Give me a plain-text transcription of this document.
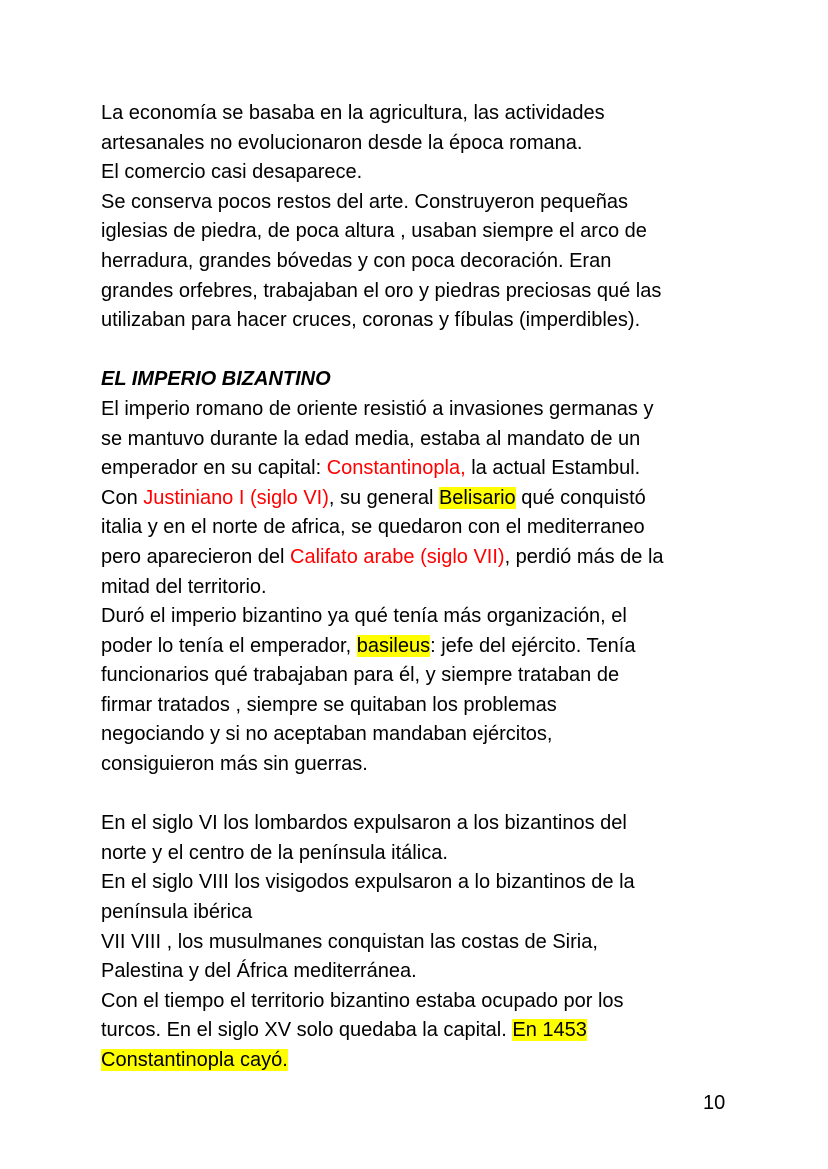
La economía se basaba en la agricultura, las actividades
artesanales no evolucionaron desde la época romana.
El comercio casi desaparece.
Se conserva pocos restos del arte. Construyeron pequeñas
iglesias de piedra, de poca altura , usaban siempre el arco de
herradura, grandes bóvedas y con poca decoración. Eran
grandes orfebres, trabajaban el oro y piedras preciosas qué las
utilizaban para hacer cruces, coronas y fíbulas (imperdibles).
EL IMPERIO BIZANTINO
El imperio romano de oriente resistió a invasiones germanas y
se mantuvo durante la edad media, estaba al mandato de un
emperador en su capital: Constantinopla, la actual Estambul.
Con Justiniano I (siglo VI), su general Belisario qué conquistó
italia y en el norte de africa, se quedaron con el mediterraneo
pero aparecieron del Califato arabe (siglo VII), perdió más de la
mitad del territorio.
Duró el imperio bizantino ya qué tenía más organización, el
poder lo tenía el emperador, basileus: jefe del ejército. Tenía
funcionarios qué trabajaban para él, y siempre trataban de
firmar tratados , siempre se quitaban los problemas
negociando y si no aceptaban mandaban ejércitos,
consiguieron más sin guerras.
En el siglo VI los lombardos expulsaron a los bizantinos del
norte y el centro de la península itálica.
En el siglo VIII los visigodos expulsaron a lo bizantinos de la
península ibérica
VII VIII , los musulmanes conquistan las costas de Siria,
Palestina y del África mediterránea.
Con el tiempo el territorio bizantino estaba ocupado por los
turcos. En el siglo XV solo quedaba la capital. En 1453
Constantinopla cayó.
10
